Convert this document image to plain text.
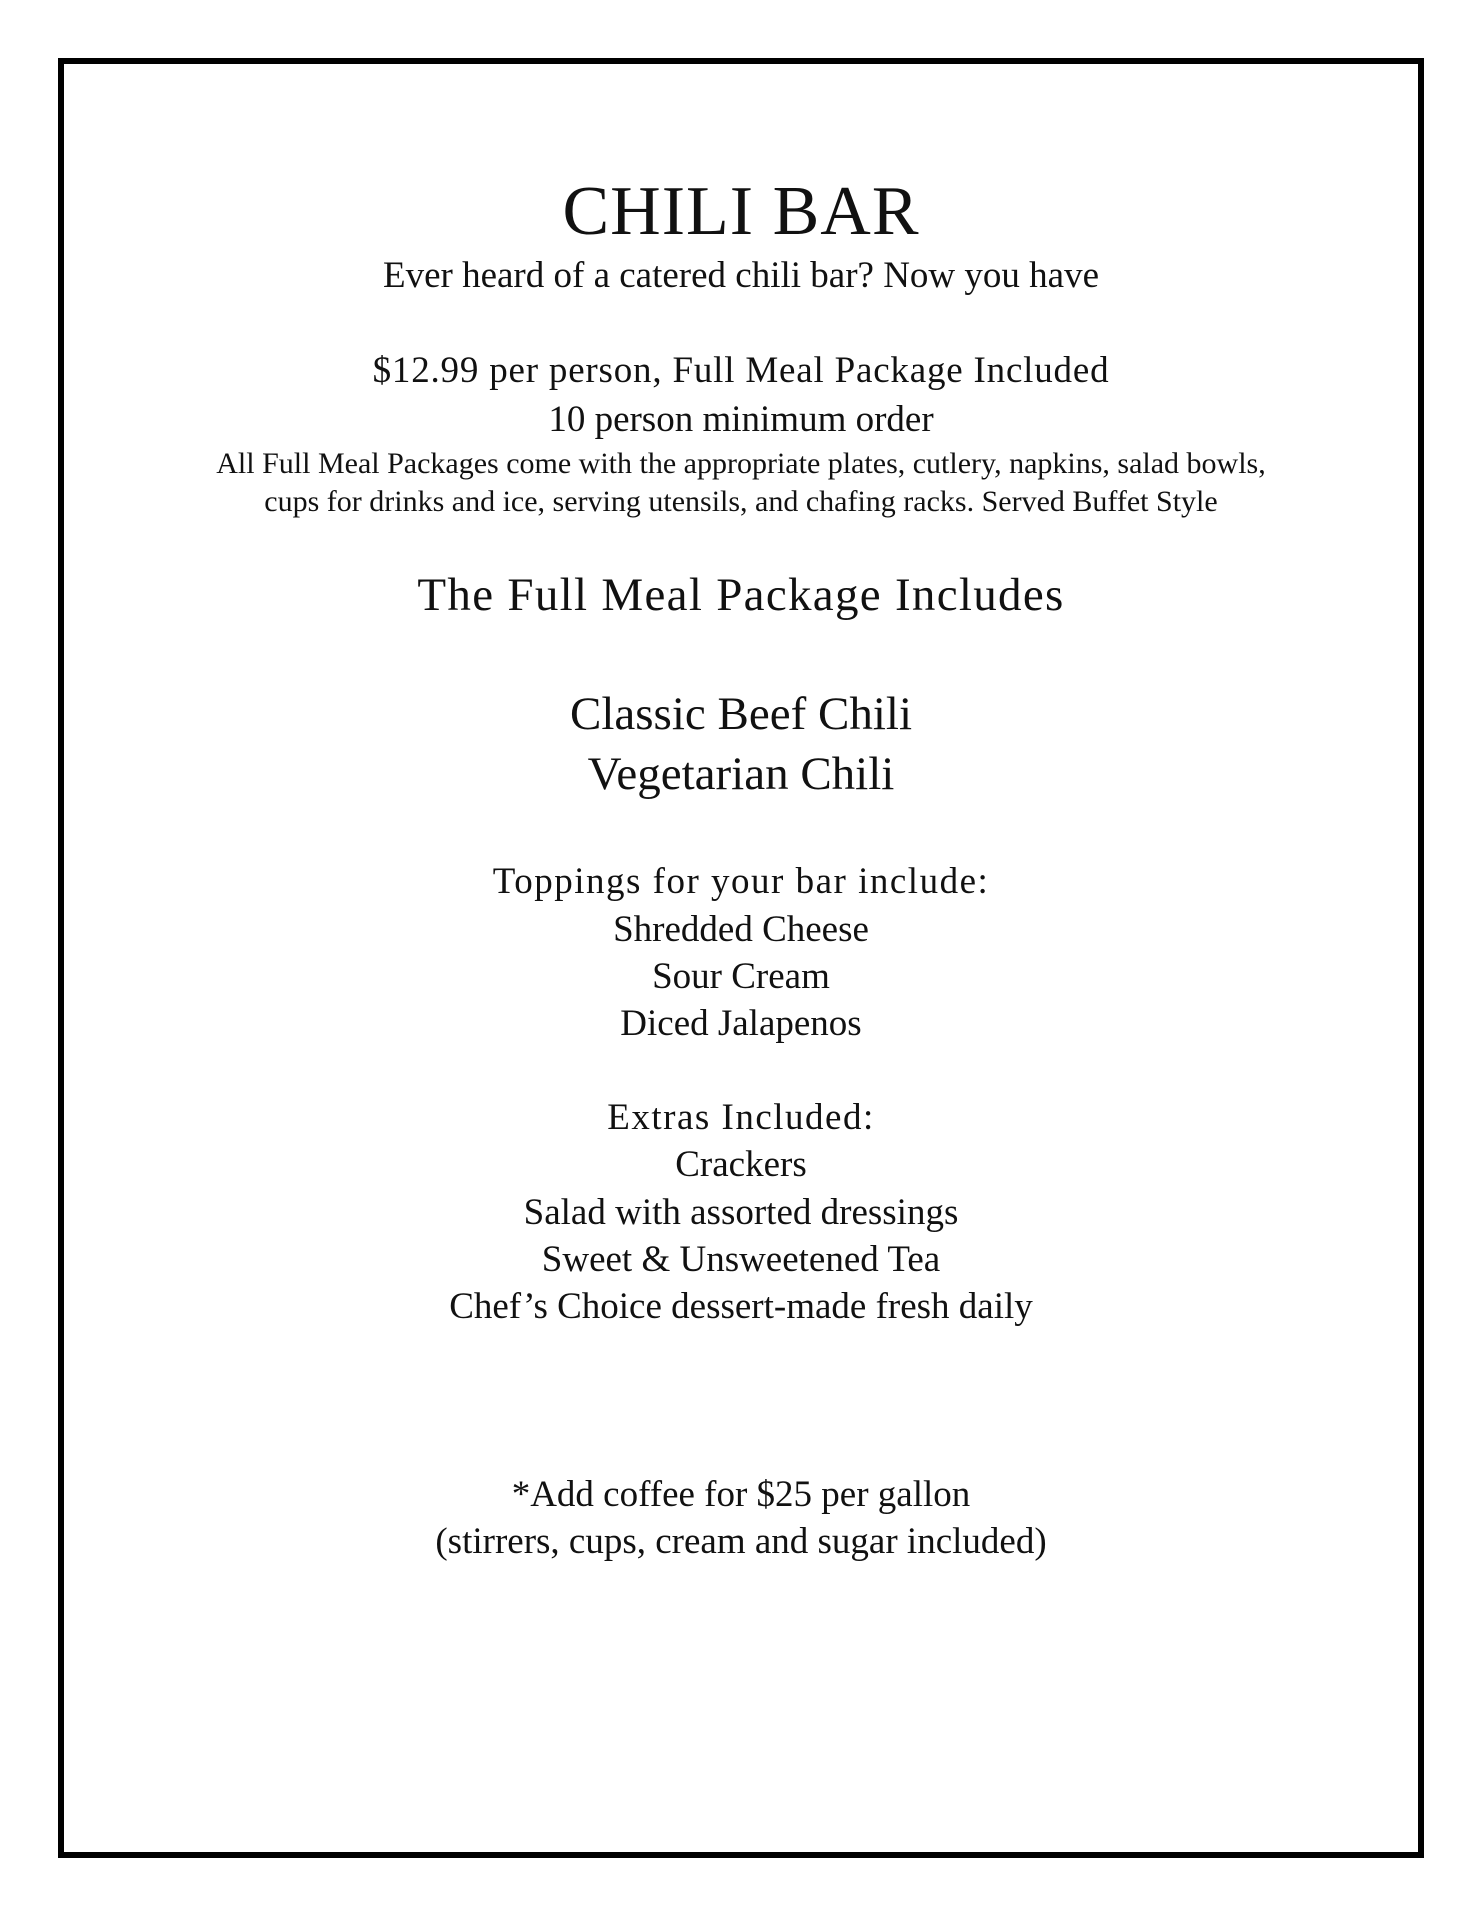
CHILI BAR
Ever heard of a catered chili bar? Now you have
$12.99 per person, Full Meal Package Included
10 person minimum order
All Full Meal Packages come with the appropriate plates, cutlery, napkins, salad bowls,
cups for drinks and ice, serving utensils, and chafing racks. Served Buffet Style
The Full Meal Package Includes
Classic Beef Chili
Vegetarian Chili
Toppings for your bar include:
Shredded Cheese
Sour Cream
Diced Jalapenos
Extras Included:
Crackers
Salad with assorted dressings
Sweet & Unsweetened Tea
Chef’s Choice dessert-made fresh daily
*Add coffee for $25 per gallon
(stirrers, cups, cream and sugar included)
